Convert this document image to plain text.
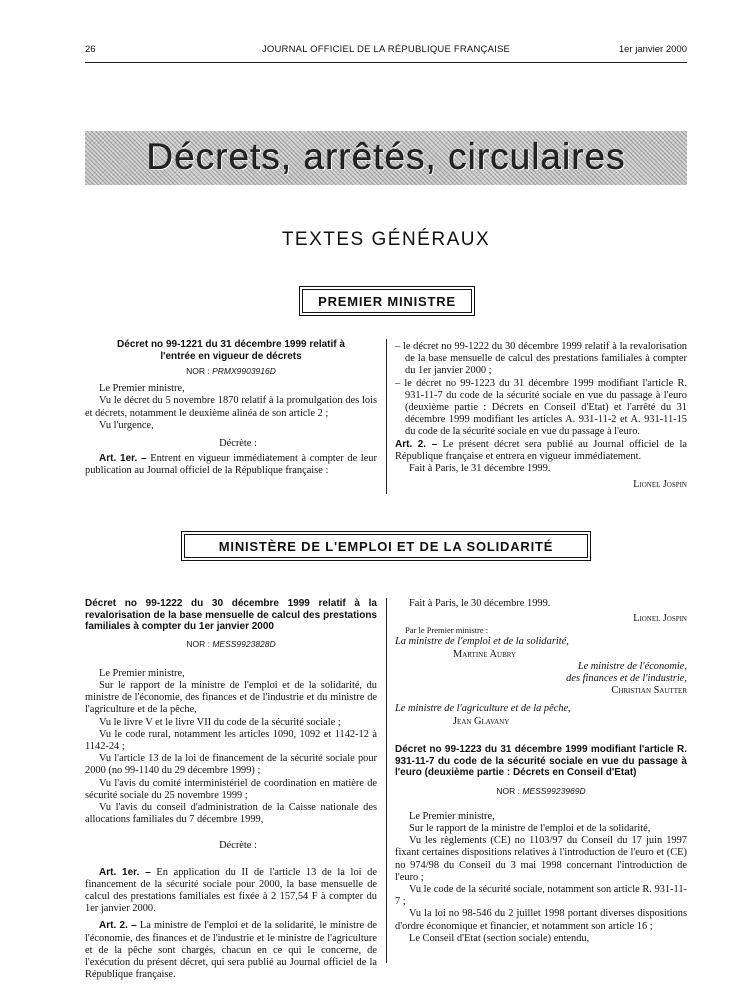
26	JOURNAL OFFICIEL DE LA RÉPUBLIQUE FRANÇAISE	1er janvier 2000
Décrets, arrêtés, circulaires
TEXTES GÉNÉRAUX
PREMIER MINISTRE
Décret no 99-1221 du 31 décembre 1999 relatif à l'entrée en vigueur de décrets
NOR : PRMX9903916D

Le Premier ministre,

Vu le décret du 5 novembre 1870 relatif à la promulgation des lois et décrets, notamment le deuxième alinéa de son article 2 ;

Vu l'urgence,

Décrète :

Art. 1er. – Entrent en vigueur immédiatement à compter de leur publication au Journal officiel de la République française :

– le décret no 99-1222 du 30 décembre 1999 relatif à la revalorisation de la base mensuelle de calcul des prestations familiales à compter du 1er janvier 2000 ;

– le décret no 99-1223 du 31 décembre 1999 modifiant l'article R. 931-11-7 du code de la sécurité sociale en vue du passage à l'euro (deuxième partie : Décrets en Conseil d'Etat) et l'arrêté du 31 décembre 1999 modifiant les articles A. 931-11-2 et A. 931-11-15 du code de la sécurité sociale en vue du passage à l'euro.

Art. 2. – Le présent décret sera publié au Journal officiel de la République française et entrera en vigueur immédiatement.

Fait à Paris, le 31 décembre 1999.

Lionel Jospin

MINISTÈRE DE L'EMPLOI ET DE LA SOLIDARITÉ
Décret no 99-1222 du 30 décembre 1999 relatif à la revalorisation de la base mensuelle de calcul des prestations familiales à compter du 1er janvier 2000
NOR : MESS9923828D

Le Premier ministre,

Sur le rapport de la ministre de l'emploi et de la solidarité, du ministre de l'économie, des finances et de l'industrie et du ministre de l'agriculture et de la pêche,

Vu le livre V et le livre VII du code de la sécurité sociale ;

Vu le code rural, notamment les articles 1090, 1092 et 1142-12 à 1142-24 ;

Vu l'article 13 de la loi de financement de la sécurité sociale pour 2000 (no 99-1140 du 29 décembre 1999) ;

Vu l'avis du comité interministériel de coordination en matière de sécurité sociale du 25 novembre 1999 ;

Vu l'avis du conseil d'administration de la Caisse nationale des allocations familiales du 7 décembre 1999,

Décrète :

Art. 1er. – En application du II de l'article 13 de la loi de financement de la sécurité sociale pour 2000, la base mensuelle de calcul des prestations familiales est fixée à 2 157,54 F à compter du 1er janvier 2000.

Art. 2. – La ministre de l'emploi et de la solidarité, le ministre de l'économie, des finances et de l'industrie et le ministre de l'agriculture et de la pêche sont chargés, chacun en ce qui le concerne, de l'exécution du présent décret, qui sera publié au Journal officiel de la République française.

Fait à Paris, le 30 décembre 1999.

Lionel Jospin

Par le Premier ministre :

La ministre de l'emploi et de la solidarité,

Martine Aubry

Le ministre de l'économie,

des finances et de l'industrie,

Christian Sautter

Le ministre de l'agriculture et de la pêche,

Jean Glavany

Décret no 99-1223 du 31 décembre 1999 modifiant l'article R. 931-11-7 du code de la sécurité sociale en vue du passage à l'euro (deuxième partie : Décrets en Conseil d'Etat)
NOR : MESS9923969D

Le Premier ministre,

Sur le rapport de la ministre de l'emploi et de la solidarité,

Vu les règlements (CE) no 1103/97 du Conseil du 17 juin 1997 fixant certaines dispositions relatives à l'introduction de l'euro et (CE) no 974/98 du Conseil du 3 mai 1998 concernant l'introduction de l'euro ;

Vu le code de la sécurité sociale, notamment son article R. 931-11-7 ;

Vu la loi no 98-546 du 2 juillet 1998 portant diverses dispositions d'ordre économique et financier, et notamment son article 16 ;

Le Conseil d'Etat (section sociale) entendu,
